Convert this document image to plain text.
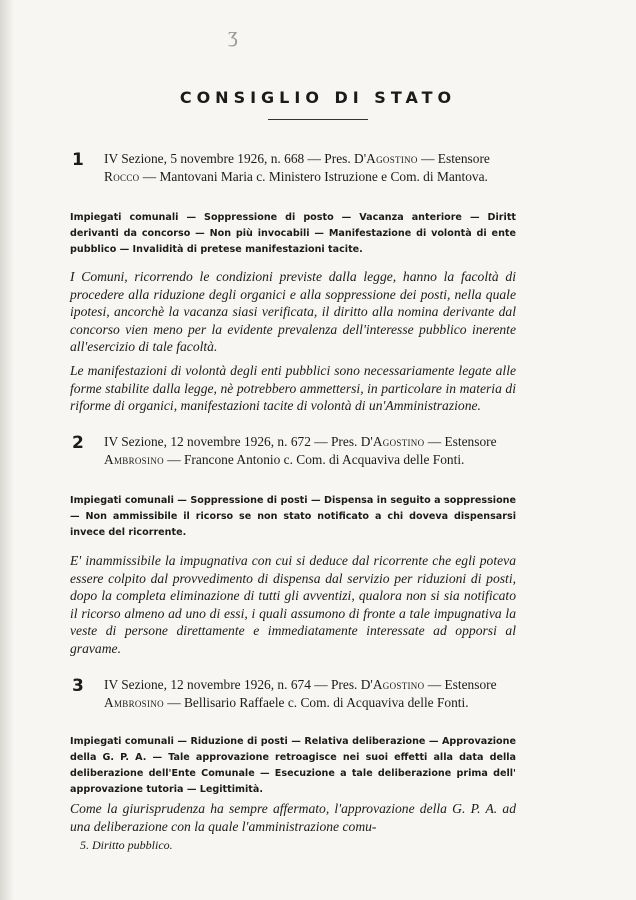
ʒ
CONSIGLIO DI STATO
1 IV Sezione, 5 novembre 1926, n. 668 — Pres. D'Agostino — Estensore Rocco — Mantovani Maria c. Ministero Istruzione e Com. di Mantova.
Impiegati comunali — Soppressione di posto — Vacanza anteriore — Diritt derivanti da concorso — Non più invocabili — Manifestazione di volontà di ente pubblico — Invalidità di pretese manifestazioni tacite.
I Comuni, ricorrendo le condizioni previste dalla legge, hanno la facoltà di procedere alla riduzione degli organici e alla soppressione dei posti, nella quale ipotesi, ancorchè la vacanza siasi verificata, il diritto alla nomina derivante dal concorso vien meno per la evidente prevalenza dell'interesse pubblico inerente all'esercizio di tale facoltà.
Le manifestazioni di volontà degli enti pubblici sono necessariamente legate alle forme stabilite dalla legge, nè potrebbero ammettersi, in particolare in materia di riforme di organici, manifestazioni tacite di volontà di un'Amministrazione.
2 IV Sezione, 12 novembre 1926, n. 672 — Pres. D'Agostino — Estensore Ambrosino — Francone Antonio c. Com. di Acquaviva delle Fonti.
Impiegati comunali — Soppressione di posti — Dispensa in seguito a soppressione — Non ammissibile il ricorso se non stato notificato a chi doveva dispensarsi invece del ricorrente.
E' inammissibile la impugnativa con cui si deduce dal ricorrente che egli poteva essere colpito dal provvedimento di dispensa dal servizio per riduzioni di posti, dopo la completa eliminazione di tutti gli avventizi, qualora non si sia notificato il ricorso almeno ad uno di essi, i quali assumono di fronte a tale impugnativa la veste di persone direttamente e immediatamente interessate ad opporsi al gravame.
3 IV Sezione, 12 novembre 1926, n. 674 — Pres. D'Agostino — Estensore Ambrosino — Bellisario Raffaele c. Com. di Acquaviva delle Fonti.
Impiegati comunali — Riduzione di posti — Relativa deliberazione — Approvazione della G. P. A. — Tale approvazione retroagisce nei suoi effetti alla data della deliberazione dell'Ente Comunale — Esecuzione a tale deliberazione prima dell' approvazione tutoria — Legittimità.
Come la giurisprudenza ha sempre affermato, l'approvazione della G. P. A. ad una deliberazione con la quale l'amministrazione comu-
5. Diritto pubblico.
